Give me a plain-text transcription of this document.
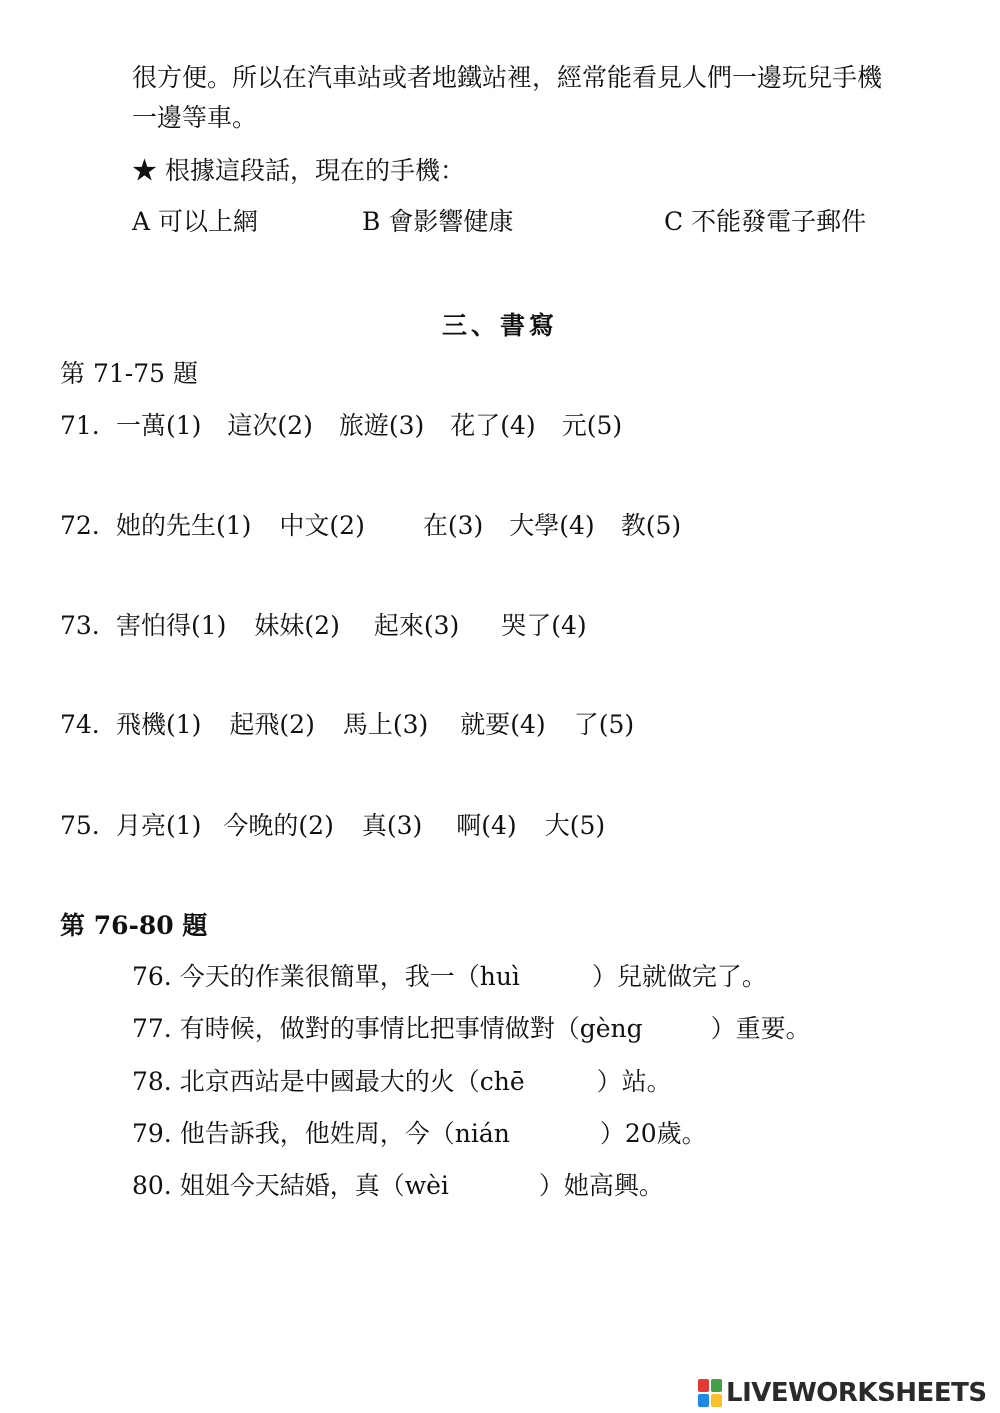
很方便。所以在汽車站或者地鐵站裡，經常能看見人們一邊玩兒手機
一邊等車。
★ 根據這段話，現在的手機：
A 可以上網	B 會影響健康	C 不能發電子郵件
三、書寫
第 71-75 題
71. 一萬(1) 這次(2) 旅遊(3) 花了(4) 元(5)
72. 她的先生(1) 中文(2) 在(3) 大學(4) 教(5)
73. 害怕得(1) 妹妹(2) 起來(3) 哭了(4)
74. 飛機(1) 起飛(2) 馬上(3) 就要(4) 了(5)
75. 月亮(1) 今晚的(2) 真(3) 啊(4) 大(5)
第 76-80 題
76. 今天的作業很簡單，我一（huì	）兒就做完了。
77. 有時候，做對的事情比把事情做對（gèng	）重要。
78. 北京西站是中國最大的火（chē	）站。
79. 他告訴我，他姓周，今（nián	）20歲。
80. 姐姐今天結婚，真（wèi	）她高興。
LIVEWORKSHEETS
